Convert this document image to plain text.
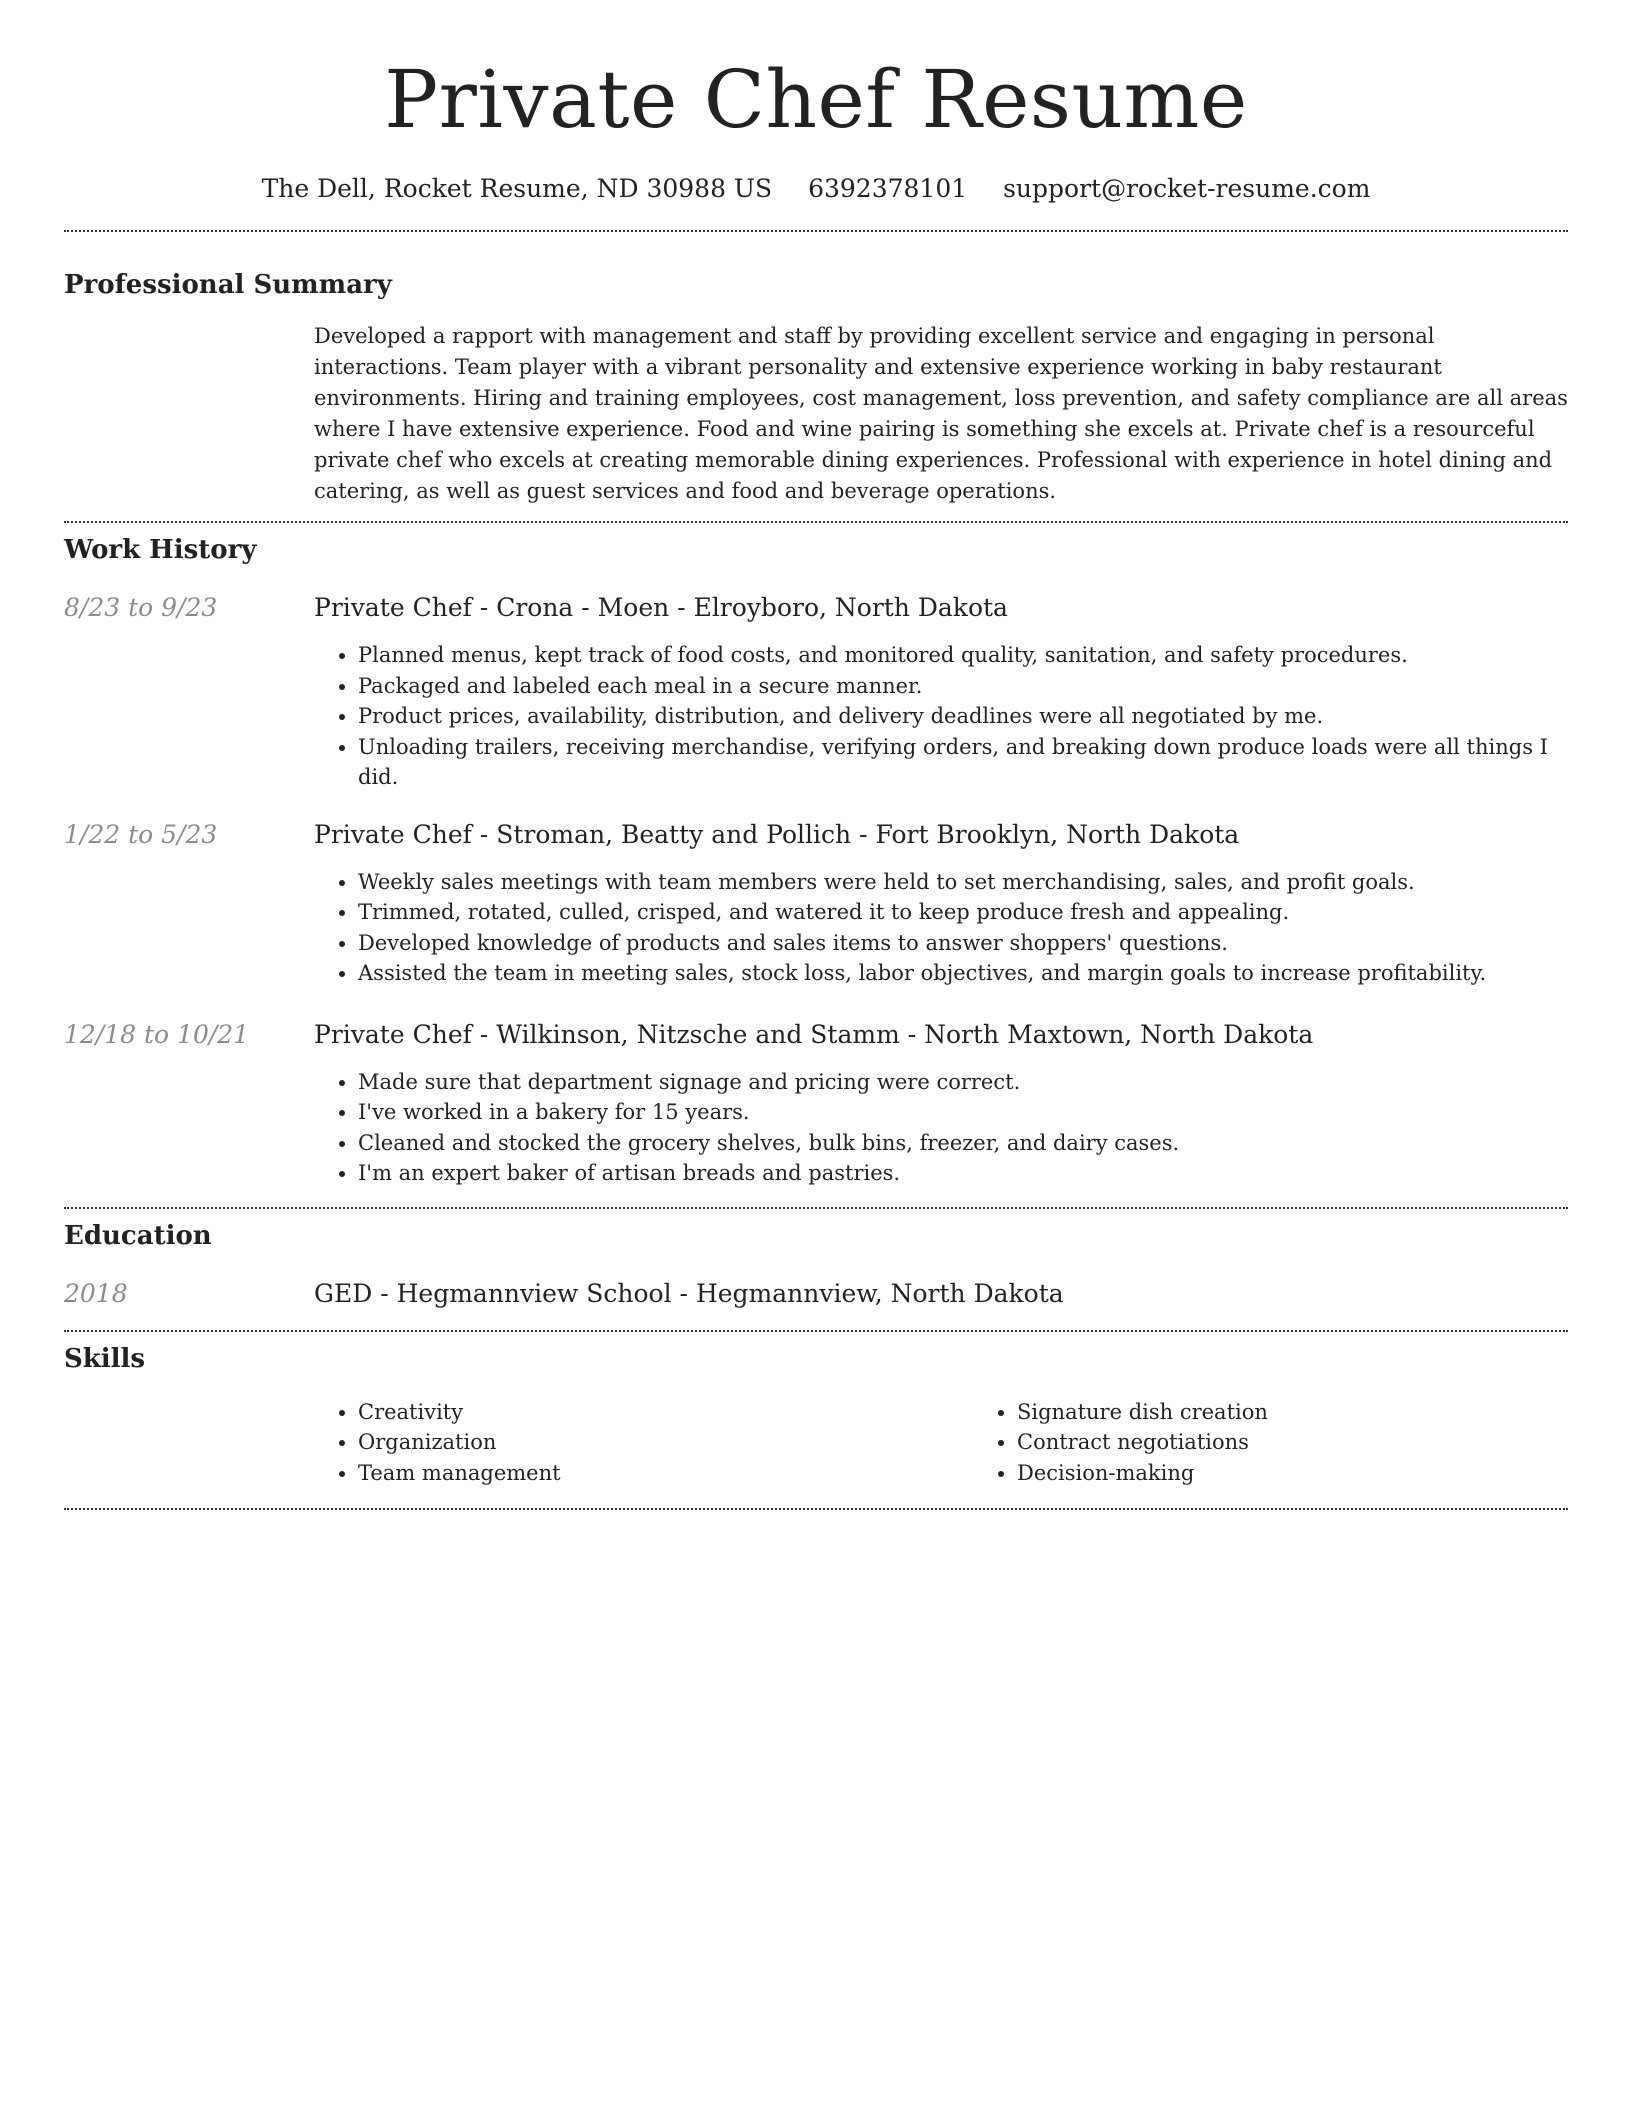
Private Chef Resume
The Dell, Rocket Resume, ND 30988 US 6392378101 support@rocket-resume.com
Professional Summary

Developed a rapport with management and staff by providing excellent service and engaging in personal interactions. Team player with a vibrant personality and extensive experience working in baby restaurant environments. Hiring and training employees, cost management, loss prevention, and safety compliance are all areas where I have extensive experience. Food and wine pairing is something she excels at. Private chef is a resourceful private chef who excels at creating memorable dining experiences. Professional with experience in hotel dining and catering, as well as guest services and food and beverage operations.

Work History
8/23 to 9/23	Private Chef - Crona - Moen - Elroyboro, North Dakota
• Planned menus, kept track of food costs, and monitored quality, sanitation, and safety procedures.
• Packaged and labeled each meal in a secure manner.
• Product prices, availability, distribution, and delivery deadlines were all negotiated by me.
• Unloading trailers, receiving merchandise, verifying orders, and breaking down produce loads were all things I did.
1/22 to 5/23	Private Chef - Stroman, Beatty and Pollich - Fort Brooklyn, North Dakota
• Weekly sales meetings with team members were held to set merchandising, sales, and profit goals.
• Trimmed, rotated, culled, crisped, and watered it to keep produce fresh and appealing.
• Developed knowledge of products and sales items to answer shoppers' questions.
• Assisted the team in meeting sales, stock loss, labor objectives, and margin goals to increase profitability.
12/18 to 10/21	Private Chef - Wilkinson, Nitzsche and Stamm - North Maxtown, North Dakota
• Made sure that department signage and pricing were correct.
• I've worked in a bakery for 15 years.
• Cleaned and stocked the grocery shelves, bulk bins, freezer, and dairy cases.
• I'm an expert baker of artisan breads and pastries.
Education
2018	GED - Hegmannview School - Hegmannview, North Dakota
Skills
• Creativity
• Organization
• Team management
• Signature dish creation
• Contract negotiations
• Decision-making
